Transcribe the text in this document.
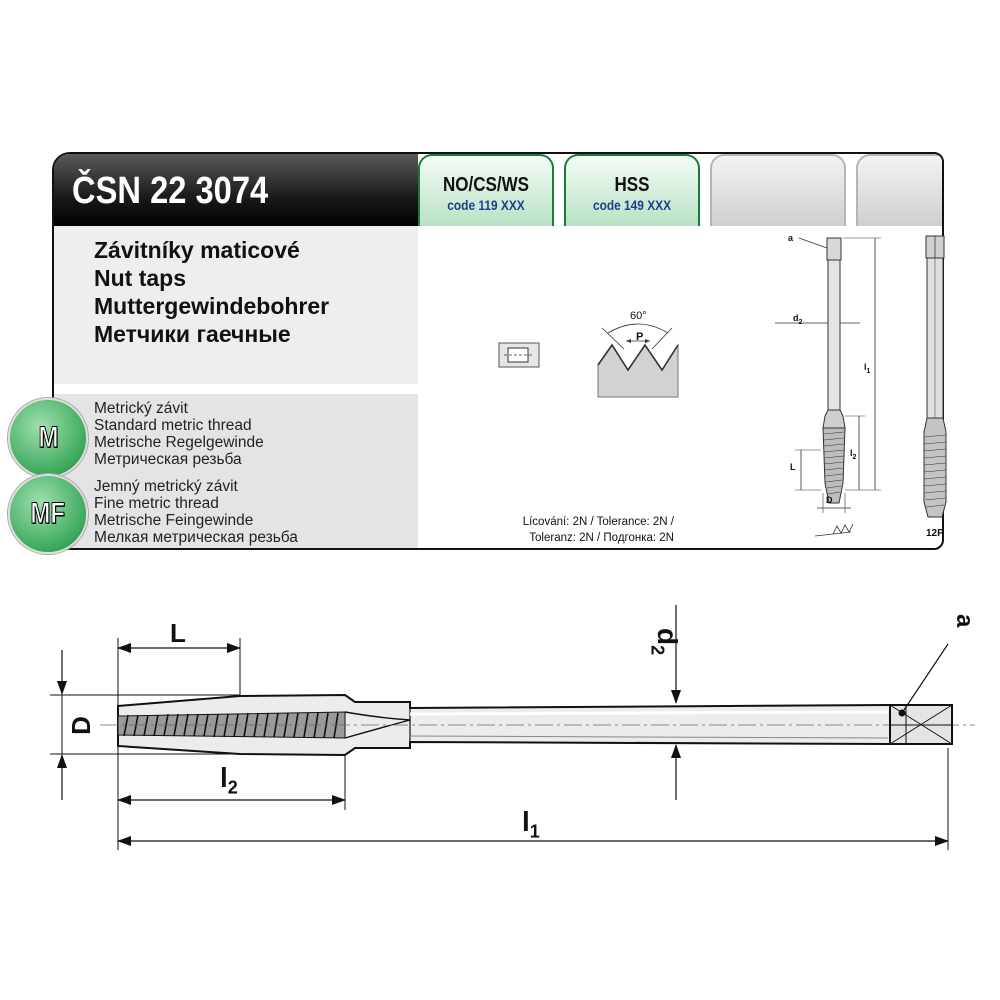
ČSN 22 3074	NO/CS/WS
code 119 XXX
HSS
code 149 XXX
Závitníky maticové
Nut taps
Muttergewindebohrer
Метчики гаечные
Metrický závit
Standard metric thread
Metrische Regelgewinde
Метрическая резьба
Jemný metrický závit
Fine metric thread
Metrische Feingewinde
Мелкая метрическая резьба
Lícování: 2N / Tolerance: 2N /
Toleranz: 2N / Подгонка: 2N
M
MF
60°
P
a
$d_2$
$l_1$
$l_2$
L
D
12P
L
D
$l_2$
$l_1$
$d_2$
a
